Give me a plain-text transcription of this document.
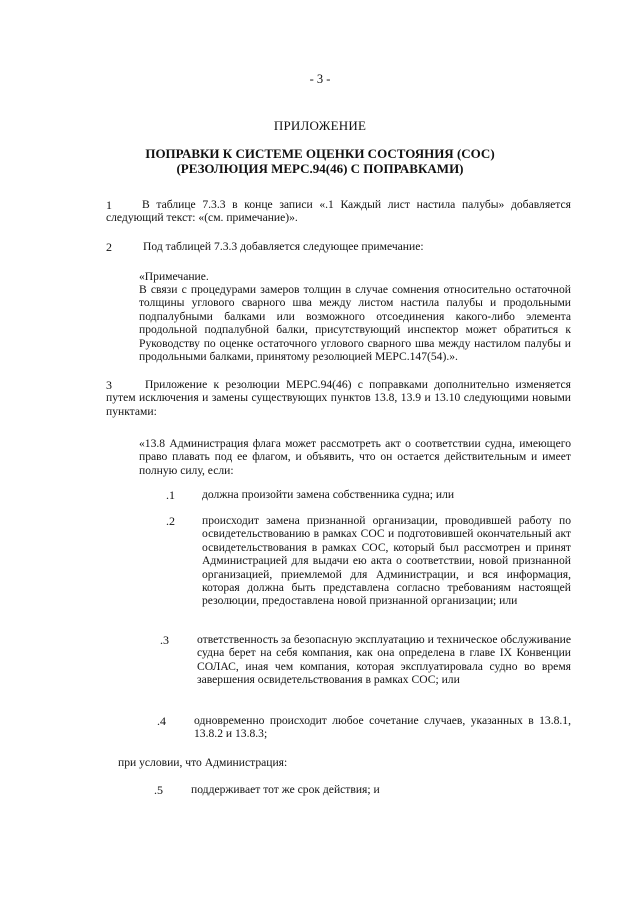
- 3 -
ПРИЛОЖЕНИЕ
ПОПРАВКИ К СИСТЕМЕ ОЦЕНКИ СОСТОЯНИЯ (СОС)
(РЕЗОЛЮЦИЯ МЕРС.94(46) С ПОПРАВКАМИ)
1	В таблице 7.3.3 в конце записи «.1 Каждый лист настила палубы» добавляется следующий текст: «(см. примечание)».
2	Под таблицей 7.3.3 добавляется следующее примечание:
«Примечание.
В связи с процедурами замеров толщин в случае сомнения относительно остаточной толщины углового сварного шва между листом настила палубы и продольными подпалубными балками или возможного отсоединения какого-либо элемента продольной подпалубной балки, присутствующий инспектор может обратиться к Руководству по оценке остаточного углового сварного шва между настилом палубы и продольными балками, принятому резолюцией МЕРС.147(54).».
3	Приложение к резолюции МЕРС.94(46) с поправками дополнительно изменяется путем исключения и замены существующих пунктов 13.8, 13.9 и 13.10 следующими новыми пунктами:
«13.8 Администрация флага может рассмотреть акт о соответствии судна, имеющего право плавать под ее флагом, и объявить, что он остается действительным и имеет полную силу, если:
.1 должна произойти замена собственника судна; или
.2 происходит замена признанной организации, проводившей работу по освидетельствованию в рамках СОС и подготовившей окончательный акт освидетельствования в рамках СОС, который был рассмотрен и принят Администрацией для выдачи ею акта о соответствии, новой признанной организацией, приемлемой для Администрации, и вся информация, которая должна быть представлена согласно требованиям настоящей резолюции, предоставлена новой признанной организации; или
.3 ответственность за безопасную эксплуатацию и техническое обслуживание судна берет на себя компания, как она определена в главе IX Конвенции СОЛАС, иная чем компания, которая эксплуатировала судно во время завершения освидетельствования в рамках СОС; или
.4 одновременно происходит любое сочетание случаев, указанных в 13.8.1, 13.8.2 и 13.8.3;
при условии, что Администрация:
.5 поддерживает тот же срок действия; и
